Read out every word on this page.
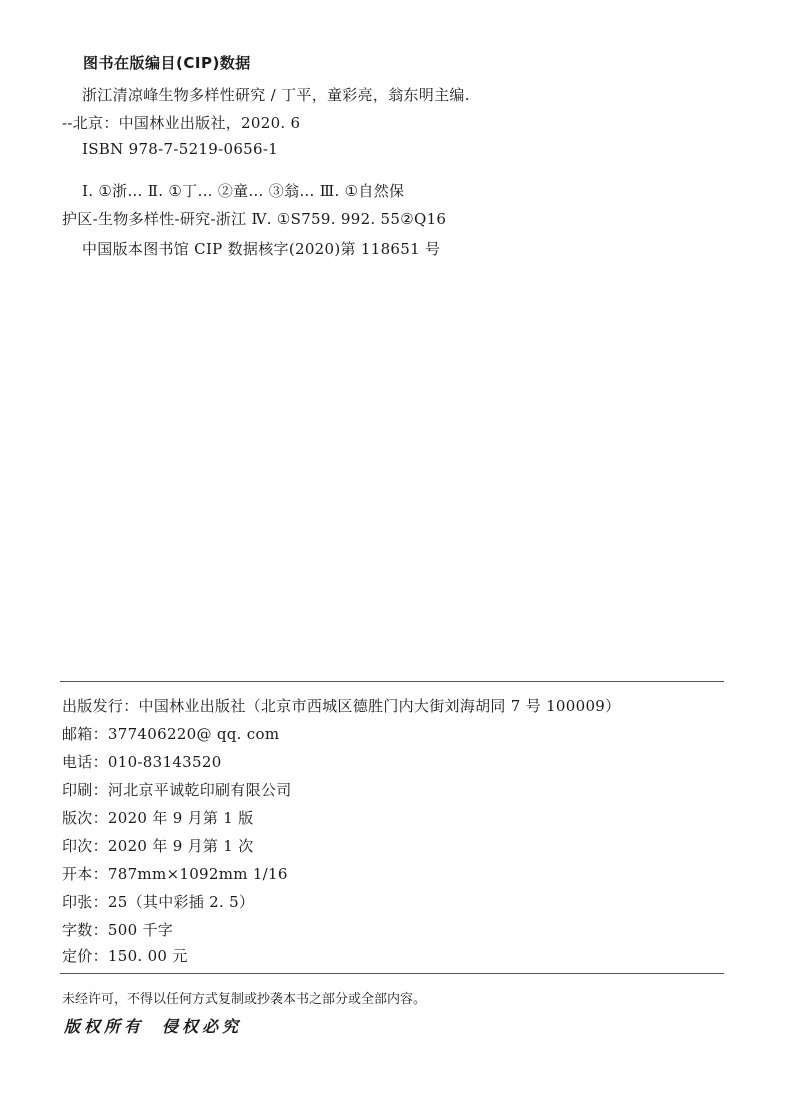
图书在版编目(CIP)数据
浙江清凉峰生物多样性研究 / 丁平，童彩亮，翁东明主编.
--北京：中国林业出版社，2020. 6
ISBN 978-7-5219-0656-1
Ⅰ. ①浙… Ⅱ. ①丁… ②童… ③翁… Ⅲ. ①自然保
护区-生物多样性-研究-浙江 Ⅳ. ①S759. 992. 55②Q16
中国版本图书馆 CIP 数据核字(2020)第 118651 号
出版发行：中国林业出版社（北京市西城区德胜门内大街刘海胡同 7 号 100009）
邮箱：377406220@ qq. com
电话：010-83143520
印刷：河北京平诚乾印刷有限公司
版次：2020 年 9 月第 1 版
印次：2020 年 9 月第 1 次
开本：787mm×1092mm 1/16
印张：25（其中彩插 2. 5）
字数：500 千字
定价：150. 00 元
未经许可，不得以任何方式复制或抄袭本书之部分或全部内容。
版权所有 侵权必究
